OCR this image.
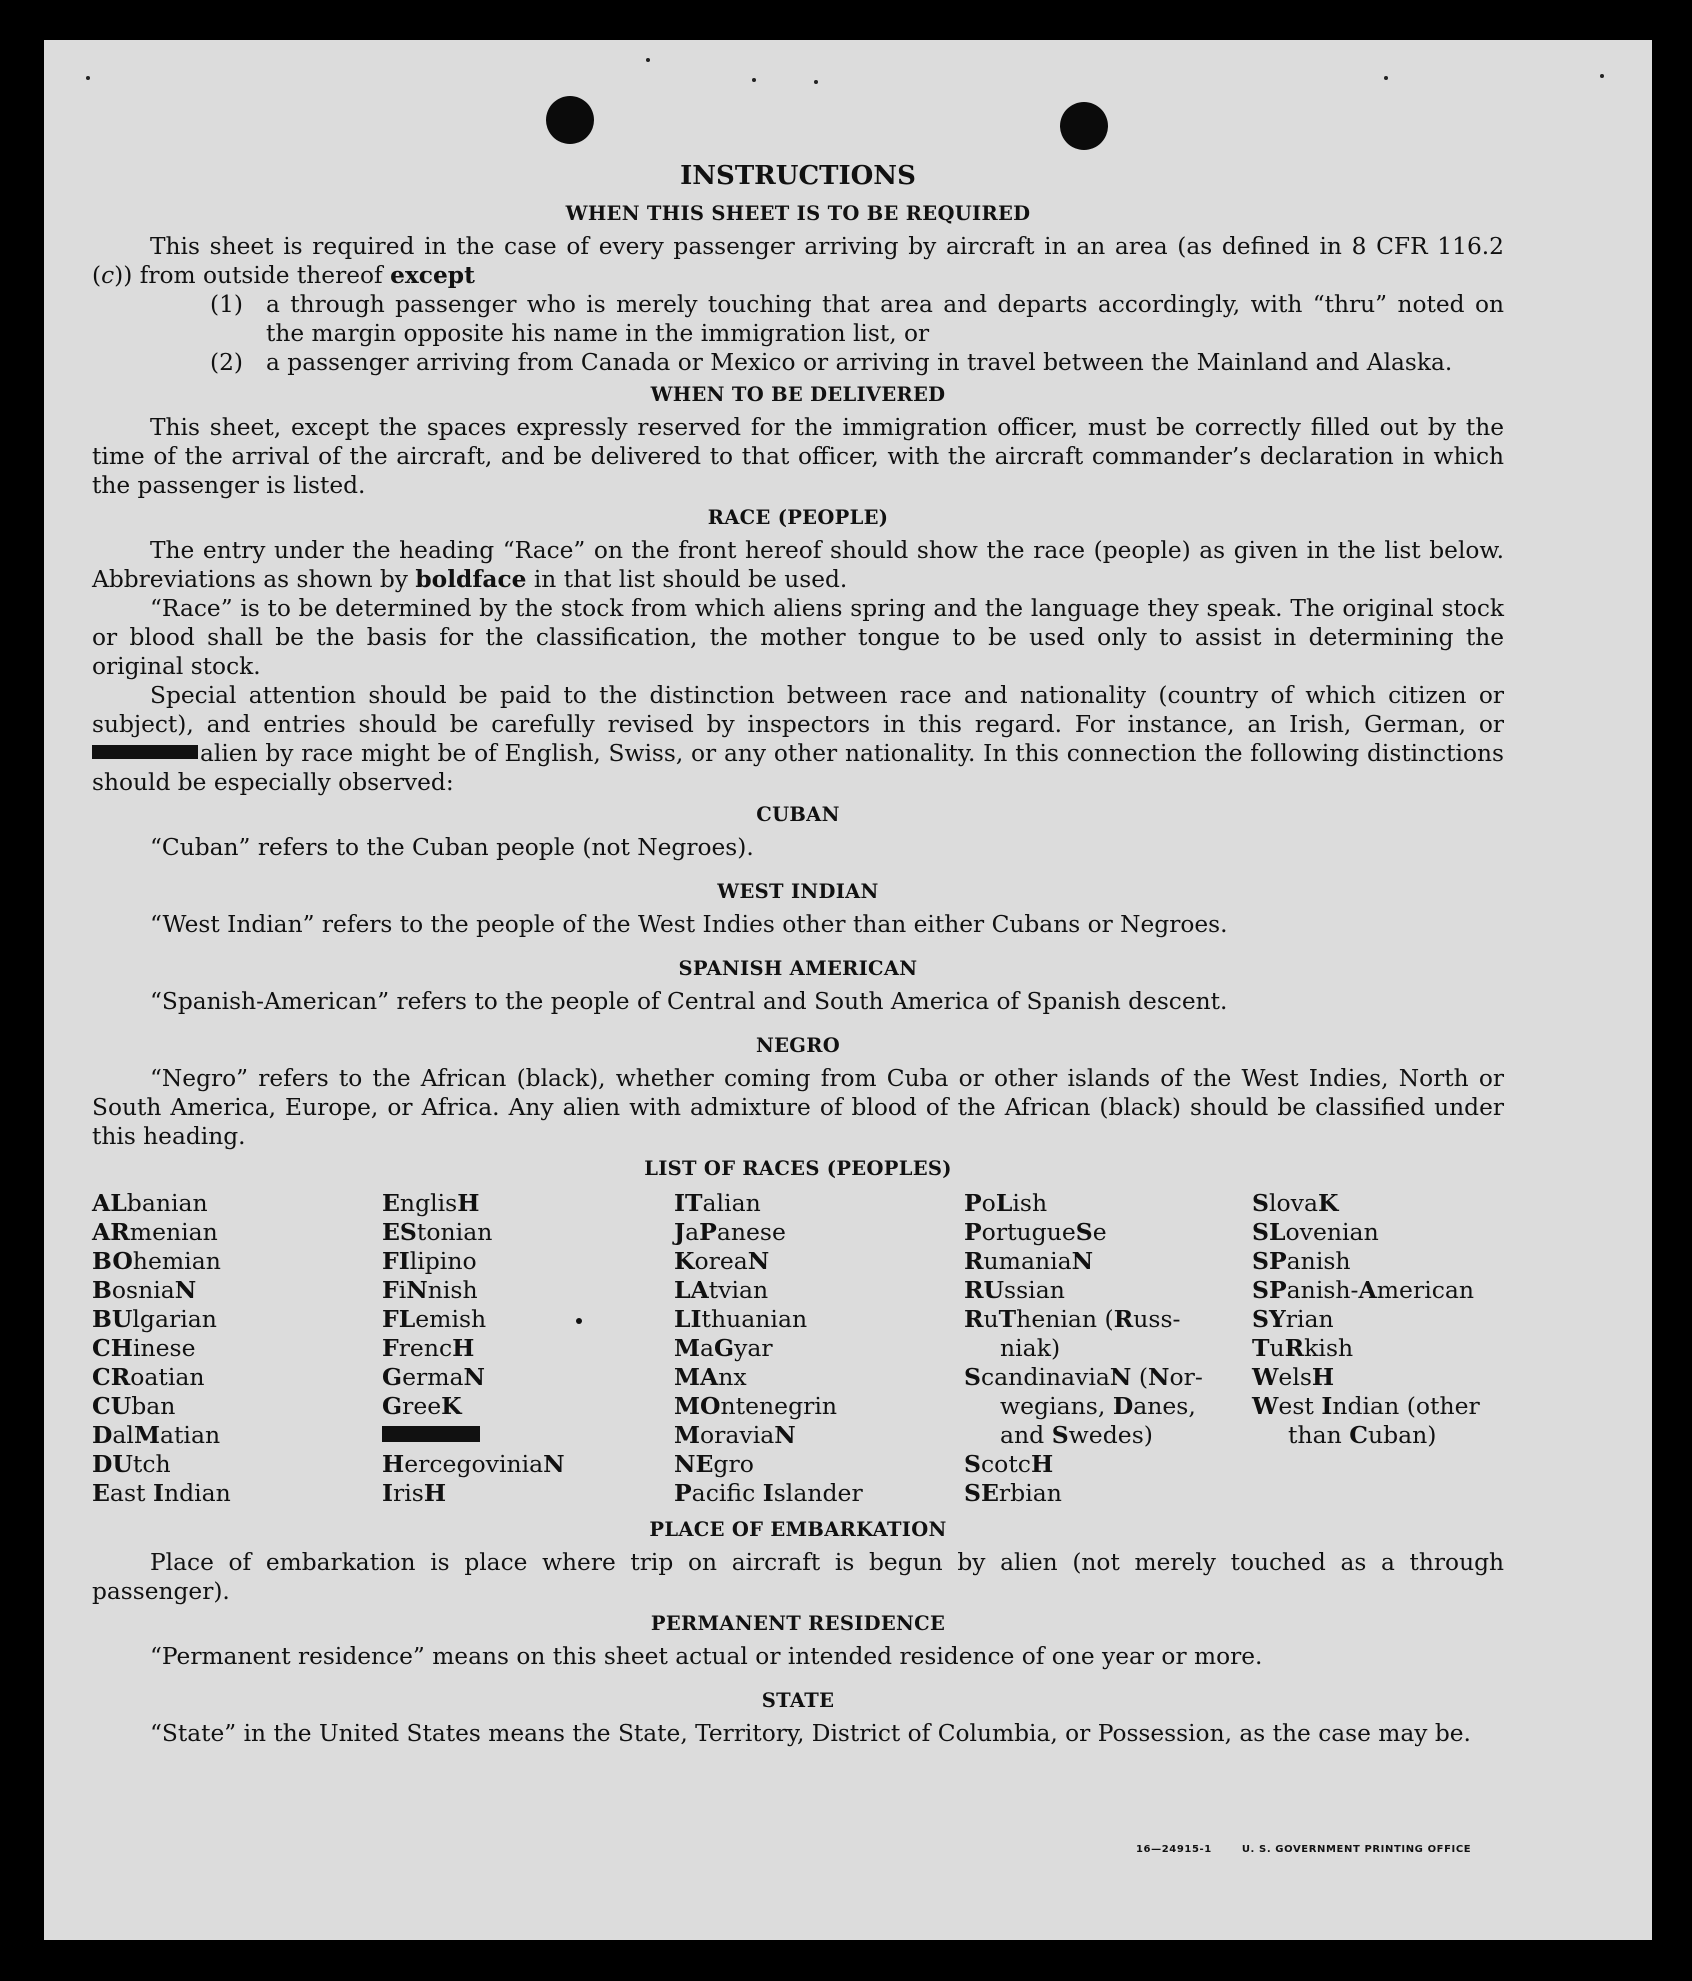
INSTRUCTIONS
WHEN THIS SHEET IS TO BE REQUIRED

This sheet is required in the case of every passenger arriving by aircraft in an area (as defined in 8 CFR 116.2 (c)) from outside thereof except

(1) a through passenger who is merely touching that area and departs accordingly, with “thru” noted on the margin opposite his name in the immigration list, or
(2) a passenger arriving from Canada or Mexico or arriving in travel between the Mainland and Alaska.
WHEN TO BE DELIVERED

This sheet, except the spaces expressly reserved for the immigration officer, must be correctly filled out by the time of the arrival of the aircraft, and be delivered to that officer, with the aircraft commander’s declaration in which the passenger is listed.

RACE (PEOPLE)

The entry under the heading “Race” on the front hereof should show the race (people) as given in the list below. Abbreviations as shown by boldface in that list should be used.

“Race” is to be determined by the stock from which aliens spring and the language they speak. The original stock or blood shall be the basis for the classification, the mother tongue to be used only to assist in determining the original stock.

Special attention should be paid to the distinction between race and nationality (country of which citizen or subject), and entries should be carefully revised by inspectors in this regard. For instance, an Irish, German, or alien by race might be of English, Swiss, or any other nationality. In this connection the following distinctions should be especially observed:

CUBAN

“Cuban” refers to the Cuban people (not Negroes).

WEST INDIAN

“West Indian” refers to the people of the West Indies other than either Cubans or Negroes.

SPANISH AMERICAN

“Spanish-American” refers to the people of Central and South America of Spanish descent.

NEGRO

“Negro” refers to the African (black), whether coming from Cuba or other islands of the West Indies, North or South America, Europe, or Africa. Any alien with admixture of blood of the African (black) should be classified under this heading.

LIST OF RACES (PEOPLES)
ALbanian
ARmenian
BOhemian
BosniaN
BUlgarian
CHinese
CRoatian
CUban
DalMatian
DUtch
East Indian
EnglisH
EStonian
FIlipino
FiNnish
FLemish
FrencH
GermaN
GreeK
HercegoviniaN
IrisH
ITalian
JaPanese
KoreaN
LAtvian
LIthuanian
MaGyar
MAnx
MOntenegrin
MoraviaN
NEgro
Pacifc Islander
PoLish
PortugueSe
RumaniaN
RUssian
RuThenian (Russ-
niak)
ScandinaviaN (Nor-
wegians, Danes,
and Swedes)
ScotcH
SErbian
SlovaK
SLovenian
SPanish
SPanish-American
SYrian
TuRkish
WelsH
West Indian (other
than Cuban)
PLACE OF EMBARKATION

Place of embarkation is place where trip on aircraft is begun by alien (not merely touched as a through passenger).

PERMANENT RESIDENCE

“Permanent residence” means on this sheet actual or intended residence of one year or more.

STATE

“State” in the United States means the State, Territory, District of Columbia, or Possession, as the case may be.

16—24915-1	U. S. GOVERNMENT PRINTING OFFICE
